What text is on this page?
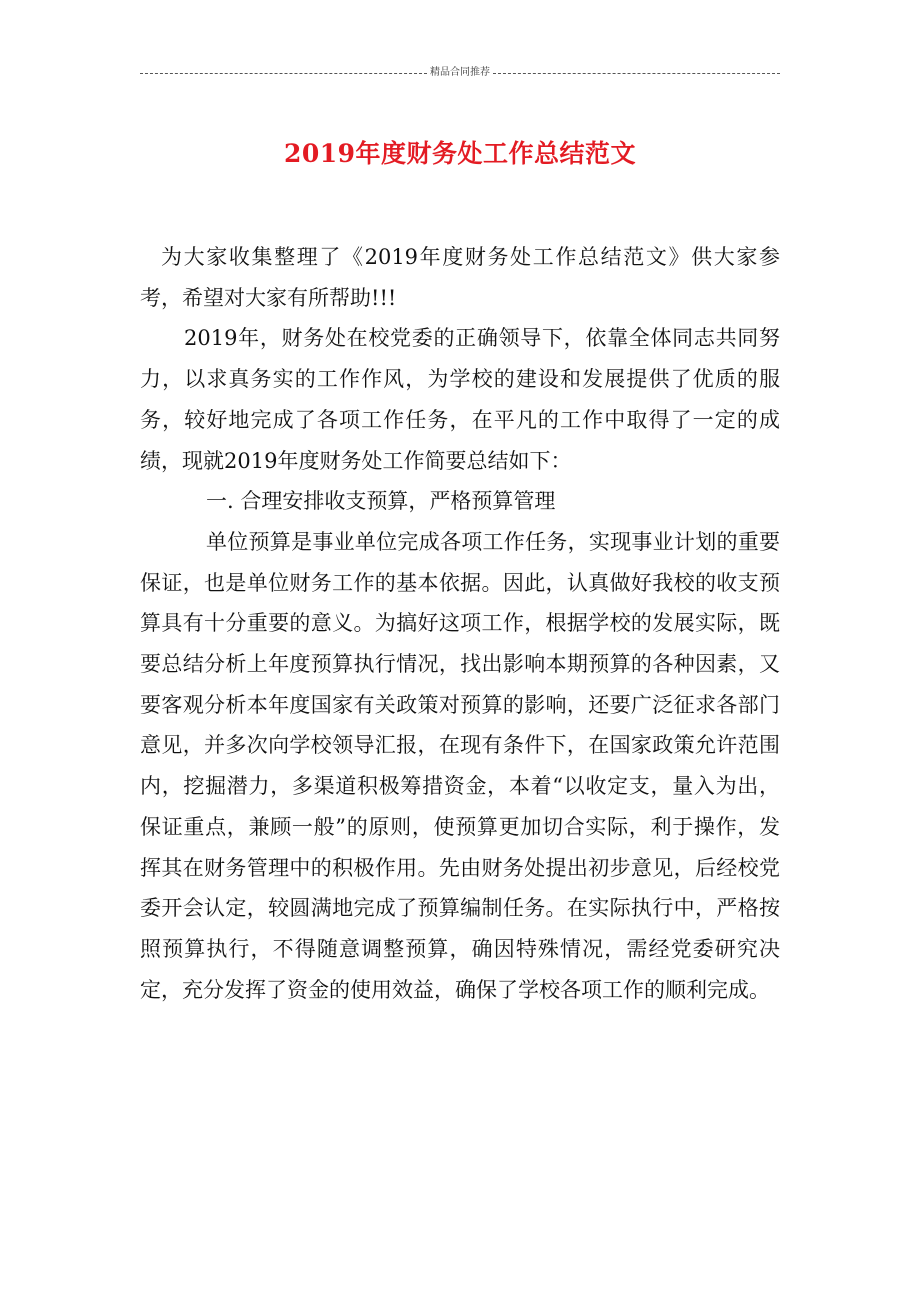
精品合同推荐
2019年度财务处工作总结范文

为大家收集整理了《2019年度财务处工作总结范文》供大家参考，希望对大家有所帮助!!!

2019年，财务处在校党委的正确领导下，依靠全体同志共同努力，以求真务实的工作作风，为学校的建设和发展提供了优质的服务，较好地完成了各项工作任务，在平凡的工作中取得了一定的成绩，现就2019年度财务处工作简要总结如下：

一. 合理安排收支预算，严格预算管理

单位预算是事业单位完成各项工作任务，实现事业计划的重要保证，也是单位财务工作的基本依据。因此，认真做好我校的收支预算具有十分重要的意义。为搞好这项工作，根据学校的发展实际，既要总结分析上年度预算执行情况，找出影响本期预算的各种因素，又要客观分析本年度国家有关政策对预算的影响，还要广泛征求各部门意见，并多次向学校领导汇报，在现有条件下，在国家政策允许范围内，挖掘潜力，多渠道积极筹措资金，本着“以收定支，量入为出，保证重点，兼顾一般”的原则，使预算更加切合实际，利于操作，发挥其在财务管理中的积极作用。先由财务处提出初步意见，后经校党委开会认定，较圆满地完成了预算编制任务。在实际执行中，严格按照预算执行，不得随意调整预算，确因特殊情况，需经党委研究决定，充分发挥了资金的使用效益，确保了学校各项工作的顺利完成。
